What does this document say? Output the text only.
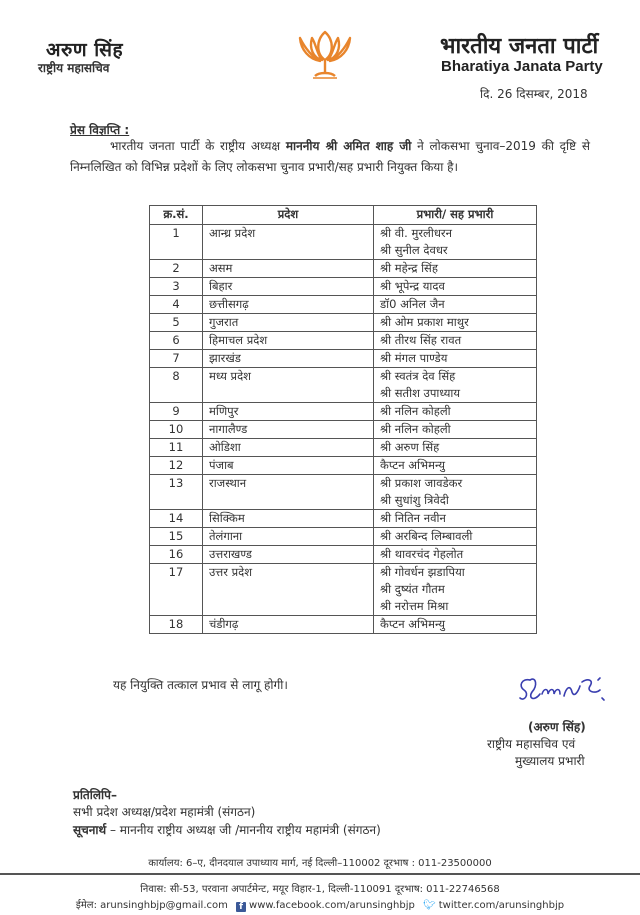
अरुण सिंह
राष्ट्रीय महासचिव
भारतीय जनता पार्टी
Bharatiya Janata Party
दि. 26 दिसम्बर, 2018
प्रेस विज्ञप्ति :
भारतीय जनता पार्टी के राष्ट्रीय अध्यक्ष माननीय श्री अमित शाह जी ने लोकसभा चुनाव–2019 की दृष्टि से निम्नलिखित को विभिन्न प्रदेशों के लिए लोकसभा चुनाव प्रभारी/सह प्रभारी नियुक्त किया है।
क्र.सं.	प्रदेश	प्रभारी/ सह प्रभारी
1	आन्ध्र प्रदेश	श्री वी. मुरलीधरन
श्री सुनील देवधर

2	असम	श्री महेन्द्र सिंह

3	बिहार	श्री भूपेन्द्र यादव

4	छत्तीसगढ़	डॉ0 अनिल जैन

5	गुजरात	श्री ओम प्रकाश माथुर

6	हिमाचल प्रदेश	श्री तीरथ सिंह रावत

7	झारखंड	श्री मंगल पाण्डेय

8	मध्य प्रदेश	श्री स्वतंत्र देव सिंह
श्री सतीश उपाध्याय

9	मणिपुर	श्री नलिन कोहली

10	नागालैण्ड	श्री नलिन कोहली

11	ओडिशा	श्री अरुण सिंह

12	पंजाब	कैप्टन अभिमन्यु

13	राजस्थान	श्री प्रकाश जावडेकर
श्री सुधांशु त्रिवेदी

14	सिक्किम	श्री नितिन नवीन

15	तेलंगाना	श्री अरबिन्द लिम्बावली

16	उत्तराखण्ड	श्री थावरचंद गेहलोत

17	उत्तर प्रदेश	श्री गोवर्धन झडापिया
श्री दुष्यंत गौतम
श्री नरोत्तम मिश्रा

18	चंडीगढ़	कैप्टन अभिमन्यु
यह नियुक्ति तत्काल प्रभाव से लागू होगी।
(अरुण सिंह)
राष्ट्रीय महासचिव एवं
मुख्यालय प्रभारी
प्रतिलिपि–
सभी प्रदेश अध्यक्ष/प्रदेश महामंत्री (संगठन)
सूचनार्थ – माननीय राष्ट्रीय अध्यक्ष जी /माननीय राष्ट्रीय महामंत्री (संगठन)
कार्यालय: 6–ए, दीनदयाल उपाध्याय मार्ग, नई दिल्ली–110002 दूरभाष : 011-23500000
निवास: सी-53, परवाना अपार्टमेन्ट, मयूर विहार-1, दिल्ली-110091 दूरभाष: 011-22746568
ईमेल: arunsinghbjp@gmail.com f www.facebook.com/arunsinghbjp 🐦︎ twitter.com/arunsinghbjp
